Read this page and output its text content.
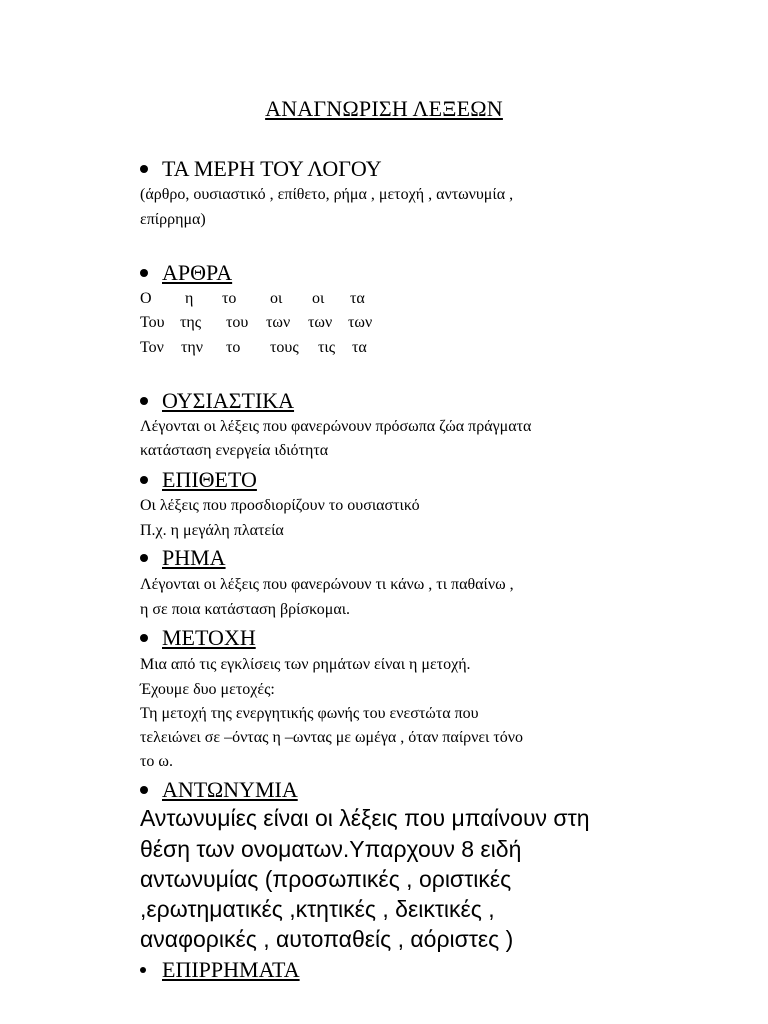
ΑΝΑΓΝΩΡΙΣΗ ΛΕΞΕΩΝ
ΤΑ ΜΕΡΗ ΤΟΥ ΛΟΓΟΥ
(άρθρο, ουσιαστικό , επίθετο, ρήμα , μετοχή , αντωνυμία ,
επίρρημα)
ΑΡΘΡΑ
Ο η το οι οι τα
Του της του των των των
Τον την το τους τις τα
ΟΥΣΙΑΣΤΙΚΑ
Λέγονται οι λέξεις που φανερώνουν πρόσωπα ζώα πράγματα
κατάσταση ενεργεία ιδιότητα
ΕΠΙΘΕΤΟ
Οι λέξεις που προσδιορίζουν το ουσιαστικό
Π.χ. η μεγάλη πλατεία
ΡΗΜΑ
Λέγονται οι λέξεις που φανερώνουν τι κάνω , τι παθαίνω ,
η σε ποια κατάσταση βρίσκομαι.
ΜΕΤΟΧΗ
Μια από τις εγκλίσεις των ρημάτων είναι η μετοχή.
Έχουμε δυο μετοχές:
Τη μετοχή της ενεργητικής φωνής του ενεστώτα που
τελειώνει σε –όντας η –ωντας με ωμέγα , όταν παίρνει τόνο
το ω.
ΑΝΤΩΝΥΜΙΑ
Αντωνυμίες είναι οι λέξεις που μπαίνουν στη
θέση των ονοματων.Υπαρχουν 8 ειδή
αντωνυμίας (προσωπικές , οριστικές
,ερωτηματικές ,κτητικές , δεικτικές ,
αναφορικές , αυτοπαθείς , αόριστες )
ΕΠΙΡΡΗΜΑΤΑ
